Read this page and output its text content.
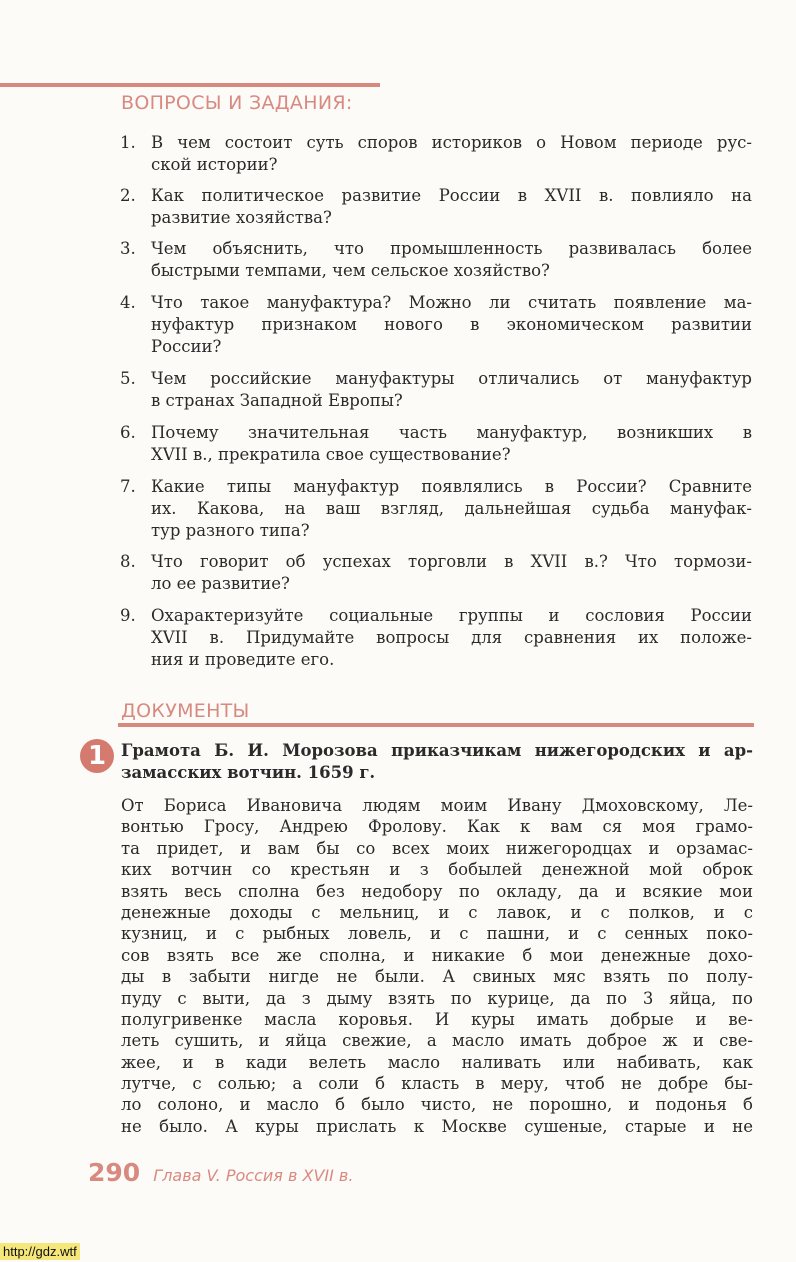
ВОПРОСЫ И ЗАДАНИЯ:
1. В чем состоит суть споров историков о Новом периоде рус-
ской истории?
2. Как политическое развитие России в XVII в. повлияло на
развитие хозяйства?
3. Чем объяснить, что промышленность развивалась более
быстрыми темпами, чем сельское хозяйство?
4. Что такое мануфактура? Можно ли считать появление ма-
нуфактур признаком нового в экономическом развитии
России?
5. Чем российские мануфактуры отличались от мануфактур
в странах Западной Европы?
6. Почему значительная часть мануфактур, возникших в
XVII в., прекратила свое существование?
7. Какие типы мануфактур появлялись в России? Сравните
их. Какова, на ваш взгляд, дальнейшая судьба мануфак-
тур разного типа?
8. Что говорит об успехах торговли в XVII в.? Что тормози-
ло ее развитие?
9. Охарактеризуйте социальные группы и сословия России
XVII в. Придумайте вопросы для сравнения их положе-
ния и проведите его.
ДОКУМЕНТЫ
1 Грамота Б. И. Морозова приказчикам нижегородских и ар-
замасских вотчин. 1659 г.
От Бориса Ивановича людям моим Ивану Дмоховскому, Ле-
вонтью Гросу, Андрею Фролову. Как к вам ся моя грамо-
та придет, и вам бы со всех моих нижегородцах и орзамас-
ких вотчин со крестьян и з бобылей денежной мой оброк
взять весь сполна без недобору по окладу, да и всякие мои
денежные доходы с мельниц, и с лавок, и с полков, и с
кузниц, и с рыбных ловель, и с пашни, и с сенных поко-
сов взять все же сполна, и никакие б мои денежные дохо-
ды в забыти нигде не были. А свиных мяс взять по полу-
пуду с выти, да з дыму взять по курице, да по 3 яйца, по
полугривенке масла коровья. И куры имать добрые и ве-
леть сушить, и яйца свежие, а масло имать доброе ж и све-
жее, и в кади велеть масло наливать или набивать, как
лутче, с солью; а соли б класть в меру, чтоб не добре бы-
ло солоно, и масло б было чисто, не порошно, и подонья б
не было. А куры прислать к Москве сушеные, старые и не
290 Глава V. Россия в XVII в.
http://gdz.wtf
